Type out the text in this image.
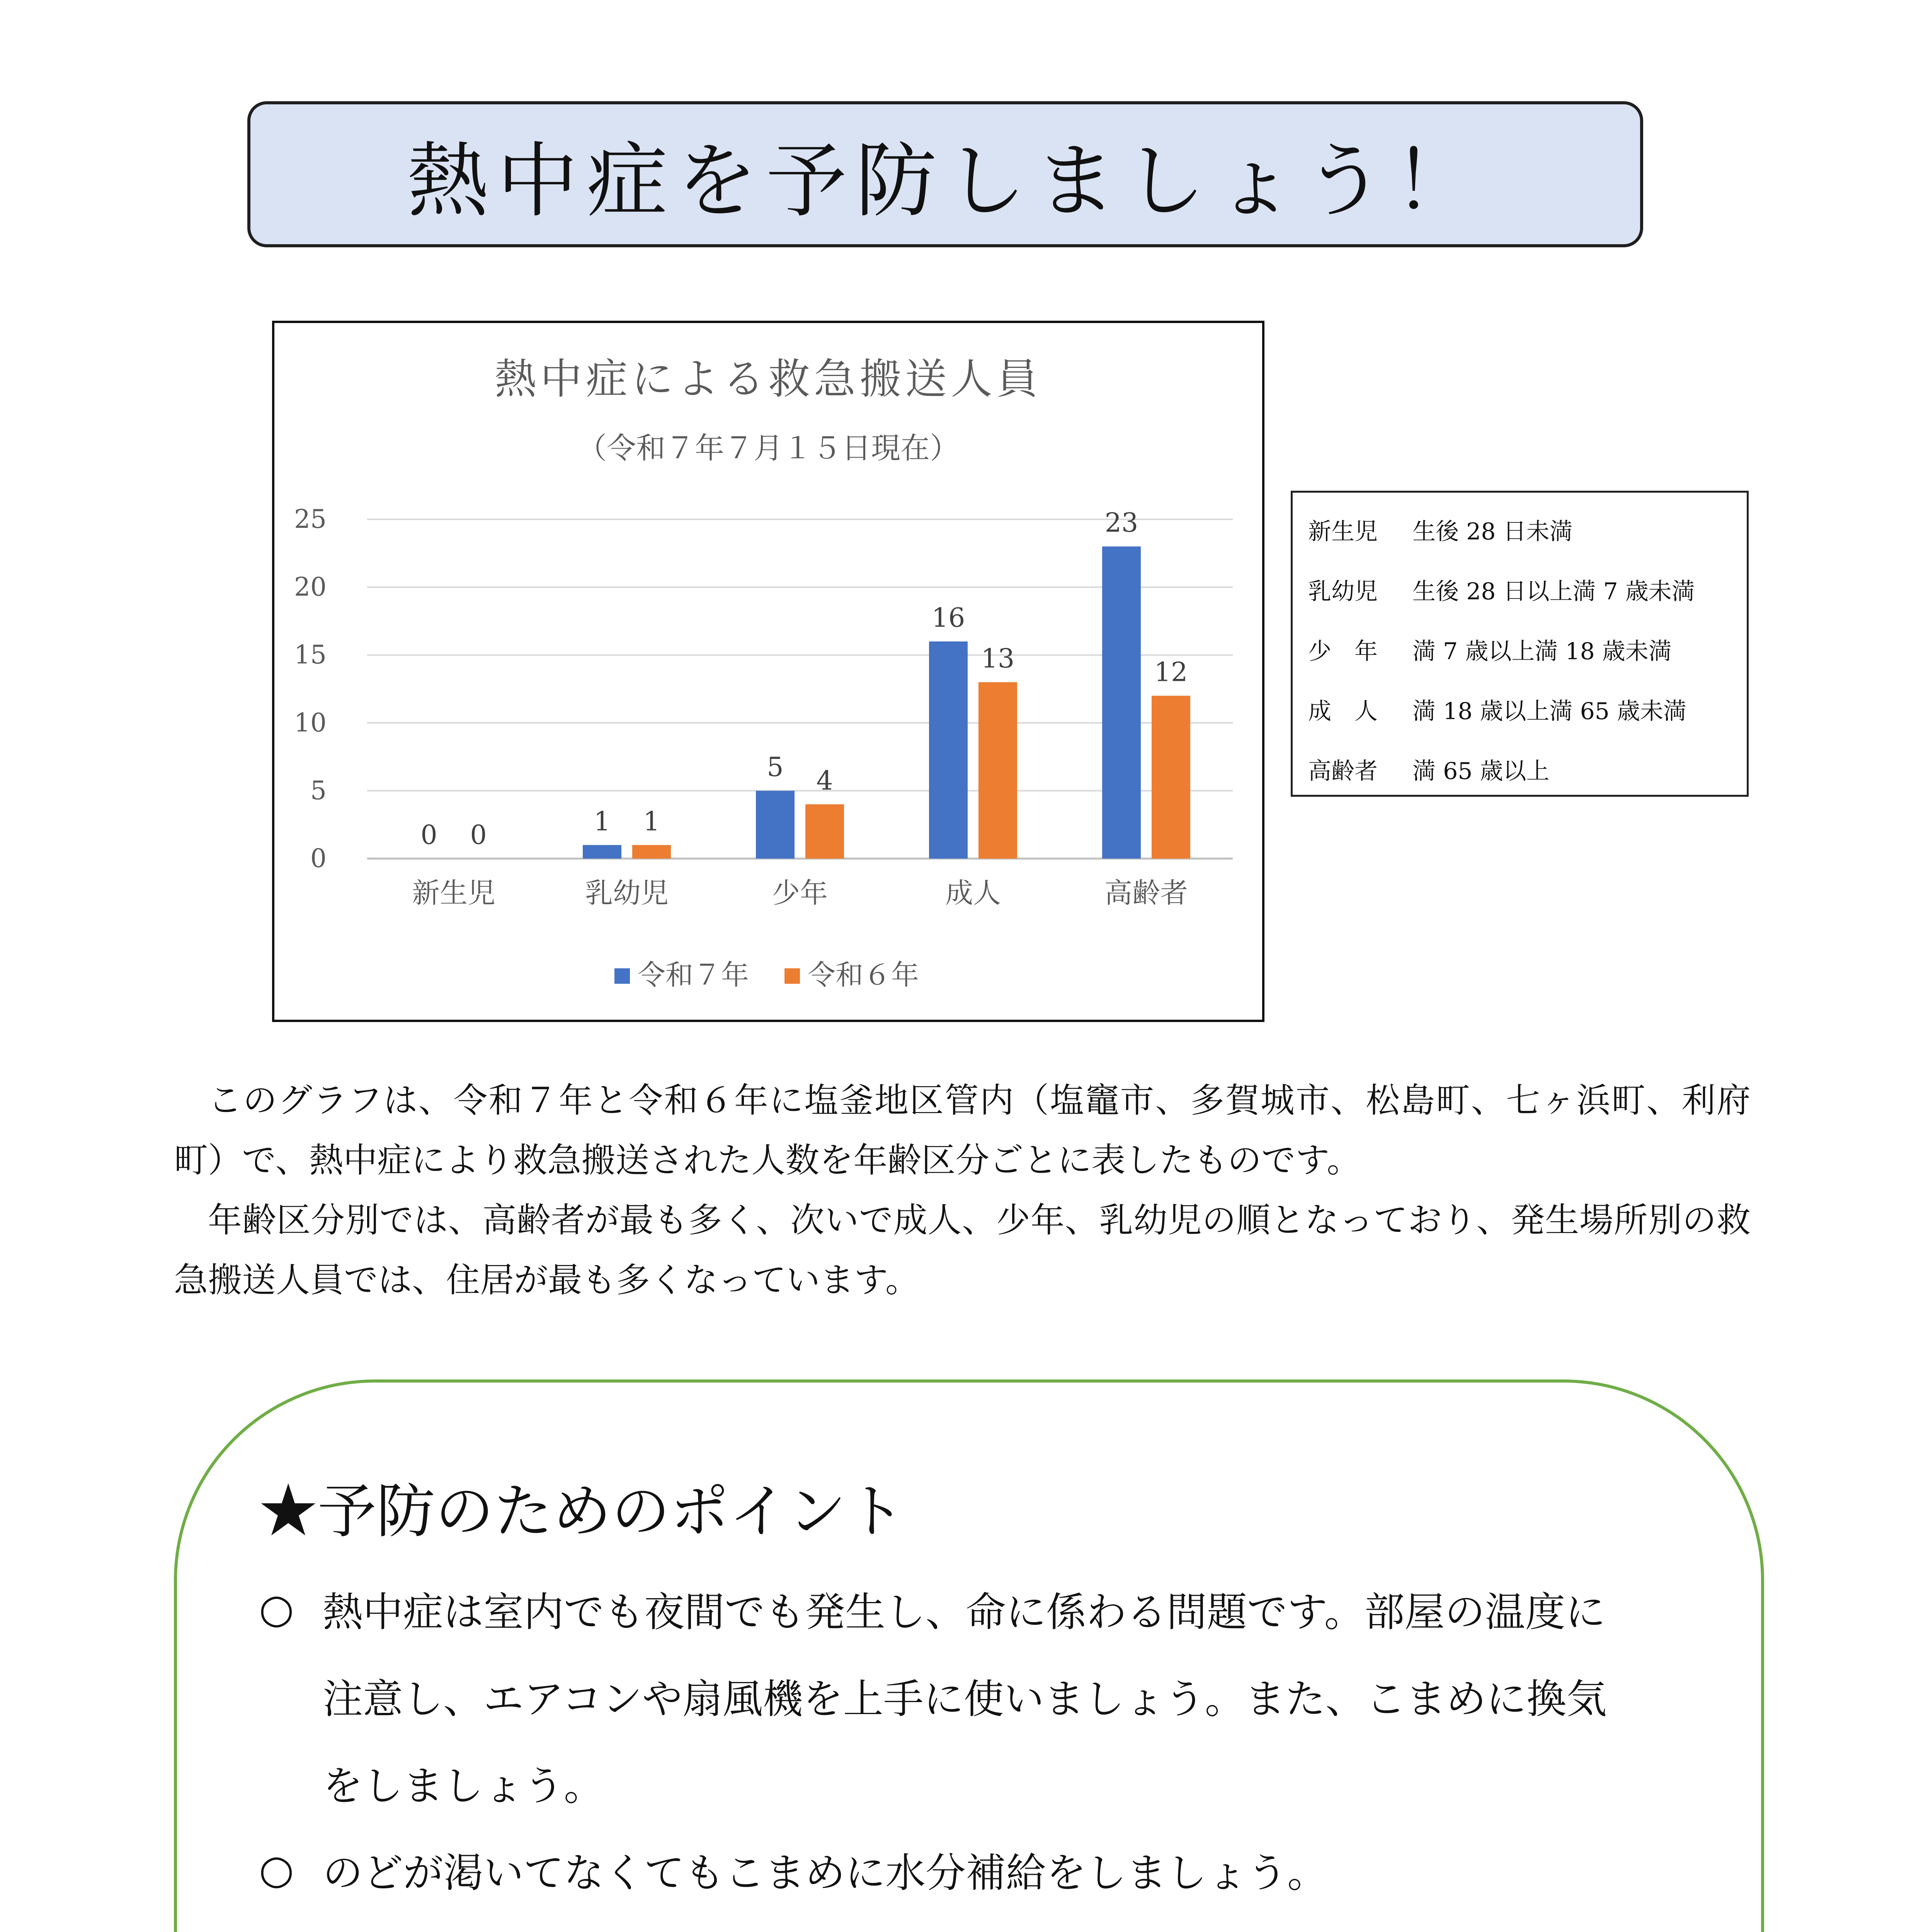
熱中症を予防しましょう！
熱中症による救急搬送人員
（令和７年７月１５日現在）
0
5
10
15
20
25
新生児
0 0
乳幼児
1 1
少年
5 4
成人
16
13
高齢者
23
12
令和７年 令和６年
新生児	生後 28 日未満
乳幼児	生後 28 日以上満 7 歳未満
少　年	満 7 歳以上満 18 歳未満
成　人	満 18 歳以上満 65 歳未満
高齢者	満 65 歳以上
このグラフは、令和７年と令和６年に塩釜地区管内（塩竈市、多賀城市、松島町、七ヶ浜町、利府町）で、熱中症により救急搬送された人数を年齢区分ごとに表したものです。
年齢区分別では、高齢者が最も多く、次いで成人、少年、乳幼児の順となっており、発生場所別の救急搬送人員では、住居が最も多くなっています。
★予防のためのポイント
○ 熱中症は室内でも夜間でも発生し、命に係わる問題です。部屋の温度に
注意し、エアコンや扇風機を上手に使いましょう。また、こまめに換気
をしましょう。
○ のどが渇いてなくてもこまめに水分補給をしましょう。
